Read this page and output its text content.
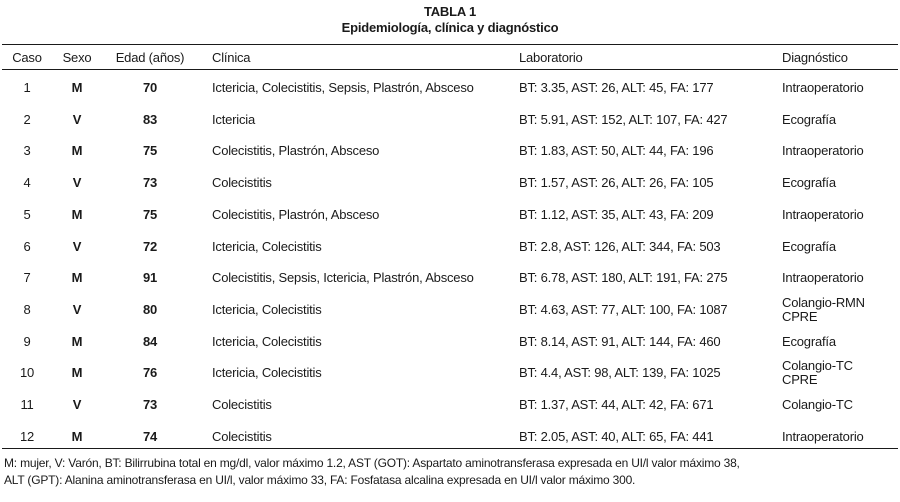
TABLA 1
Epidemiología, clínica y diagnóstico
Caso	Sexo	Edad (años)	Clínica	Laboratorio	Diagnóstico
1	M	70	Ictericia, Colecistitis, Sepsis, Plastrón, Absceso	BT: 3.35, AST: 26, ALT: 45, FA: 177	Intraoperatorio
2	V	83	Ictericia	BT: 5.91, AST: 152, ALT: 107, FA: 427	Ecografía
3	M	75	Colecistitis, Plastrón, Absceso	BT: 1.83, AST: 50, ALT: 44, FA: 196	Intraoperatorio
4	V	73	Colecistitis	BT: 1.57, AST: 26, ALT: 26, FA: 105	Ecografía
5	M	75	Colecistitis, Plastrón, Absceso	BT: 1.12, AST: 35, ALT: 43, FA: 209	Intraoperatorio
6	V	72	Ictericia, Colecistitis	BT: 2.8, AST: 126, ALT: 344, FA: 503	Ecografía
7	M	91	Colecistitis, Sepsis, Ictericia, Plastrón, Absceso	BT: 6.78, AST: 180, ALT: 191, FA: 275	Intraoperatorio
8	V	80	Ictericia, Colecistitis	BT: 4.63, AST: 77, ALT: 100, FA: 1087	Colangio-RMN
CPRE
9	M	84	Ictericia, Colecistitis	BT: 8.14, AST: 91, ALT: 144, FA: 460	Ecografía
10	M	76	Ictericia, Colecistitis	BT: 4.4, AST: 98, ALT: 139, FA: 1025	Colangio-TC
CPRE
11	V	73	Colecistitis	BT: 1.37, AST: 44, ALT: 42, FA: 671	Colangio-TC
12	M	74	Colecistitis	BT: 2.05, AST: 40, ALT: 65, FA: 441	Intraoperatorio
M: mujer, V: Varón, BT: Bilirrubina total en mg/dl, valor máximo 1.2, AST (GOT): Aspartato aminotransferasa expresada en UI/l valor máximo 38,
ALT (GPT): Alanina aminotransferasa en UI/l, valor máximo 33, FA: Fosfatasa alcalina expresada en UI/l valor máximo 300.
